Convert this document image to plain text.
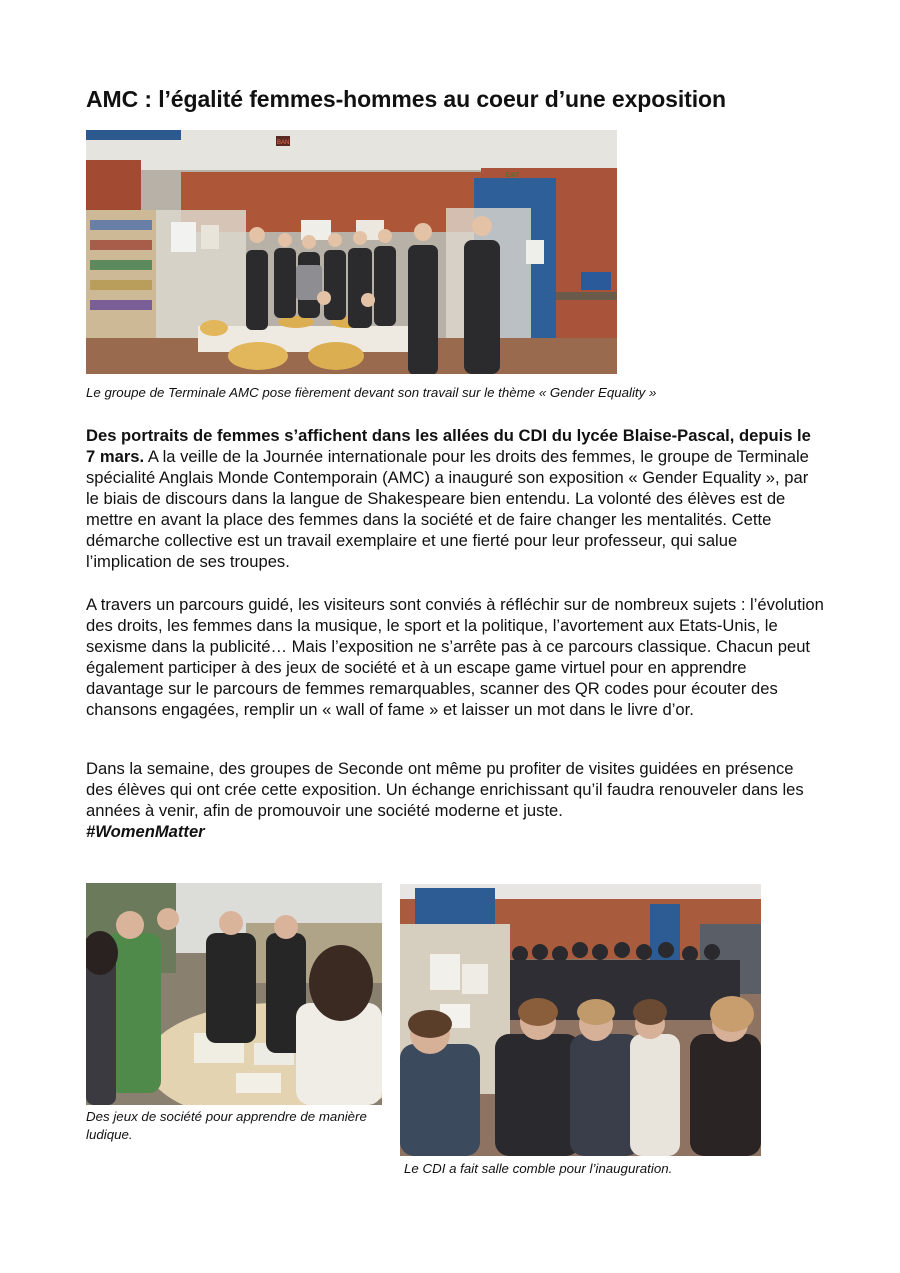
AMC : l’égalité femmes-hommes au coeur d’une exposition
EXIT
BAN

Le groupe de Terminale AMC pose fièrement devant son travail sur le thème « Gender Equality »

Des portraits de femmes s’affichent dans les allées du CDI du lycée Blaise-Pascal, depuis le 7 mars. A la veille de la Journée internationale pour les droits des femmes, le groupe de Terminale spécialité Anglais Monde Contemporain (AMC) a inauguré son exposition « Gender Equality », par le biais de discours dans la langue de Shakespeare bien entendu. La volonté des élèves est de mettre en avant la place des femmes dans la société et de faire changer les mentalités. Cette démarche collective est un travail exemplaire et une fierté pour leur professeur, qui salue l’implication de ses troupes.

A travers un parcours guidé, les visiteurs sont conviés à réfléchir sur de nombreux sujets : l’évolution des droits, les femmes dans la musique, le sport et la politique, l’avortement aux Etats-Unis, le sexisme dans la publicité… Mais l’exposition ne s’arrête pas à ce parcours classique. Chacun peut également participer à des jeux de société et à un escape game virtuel pour en apprendre davantage sur le parcours de femmes remarquables, scanner des QR codes pour écouter des chansons engagées, remplir un « wall of fame » et laisser un mot dans le livre d’or.

Dans la semaine, des groupes de Seconde ont même pu profiter de visites guidées en présence des élèves qui ont crée cette exposition. Un échange enrichissant qu’il faudra renouveler dans les années à venir, afin de promouvoir une société moderne et juste.
#WomenMatter

Des jeux de société pour apprendre de manière ludique.

Le CDI a fait salle comble pour l’inauguration.
